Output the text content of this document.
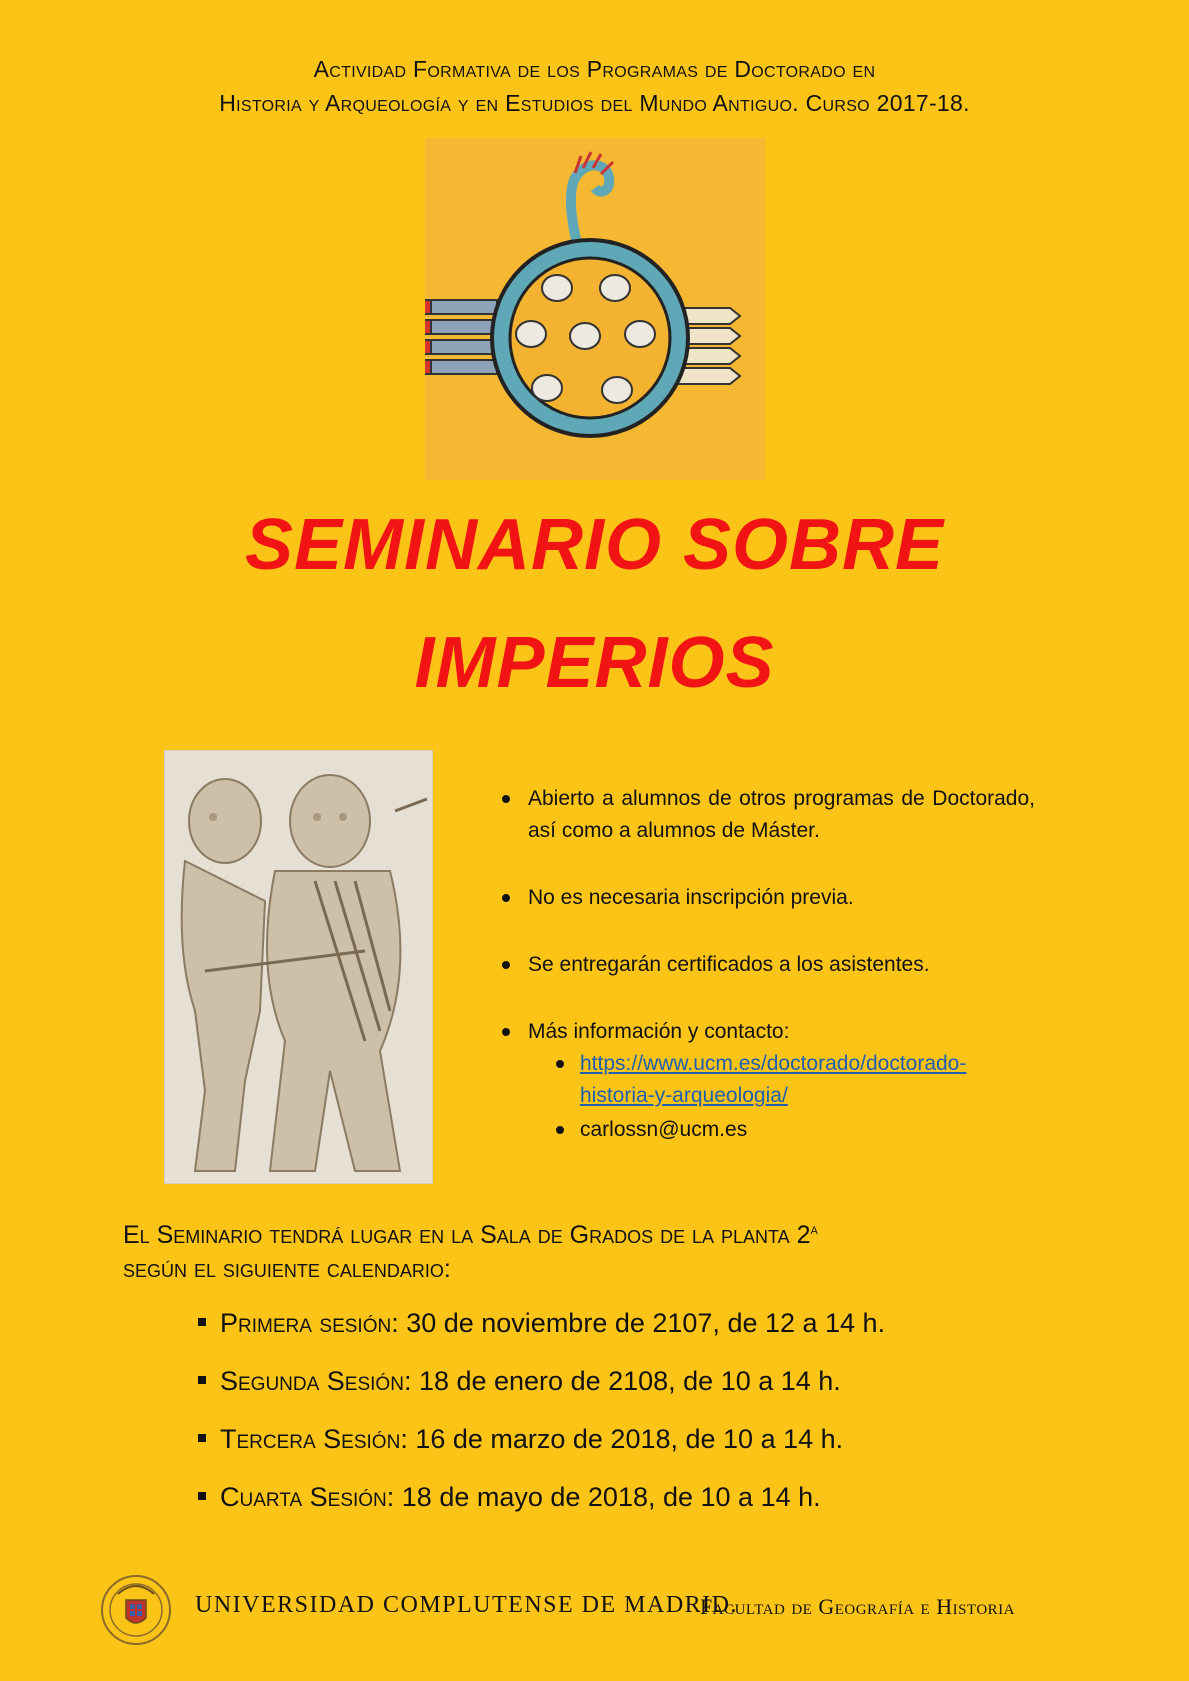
Actividad Formativa de los Programas de Doctorado en
Historia y Arqueología y en Estudios del Mundo Antiguo. Curso 2017-18.
SEMINARIO SOBRE
IMPERIOS
Abierto a alumnos de otros programas de Doctorado, así como a alumnos de Máster.
No es necesaria inscripción previa.
Se entregarán certificados a los asistentes.
Más información y contacto:
https://www.ucm.es/doctorado/doctorado-
historia-y-arqueologia/
carlossn@ucm.es
El Seminario tendrá lugar en la Sala de Grados de la planta 2$^a$
según el siguiente calendario:
Primera sesión: 30 de noviembre de 2107, de 12 a 14 h.
Segunda Sesión: 18 de enero de 2108, de 10 a 14 h.
Tercera Sesión: 16 de marzo de 2018, de 10 a 14 h.
Cuarta Sesión: 18 de mayo de 2018, de 10 a 14 h.
UNIVERSIDAD COMPLUTENSE DE MADRID.
Facultad de Geografía e Historia
